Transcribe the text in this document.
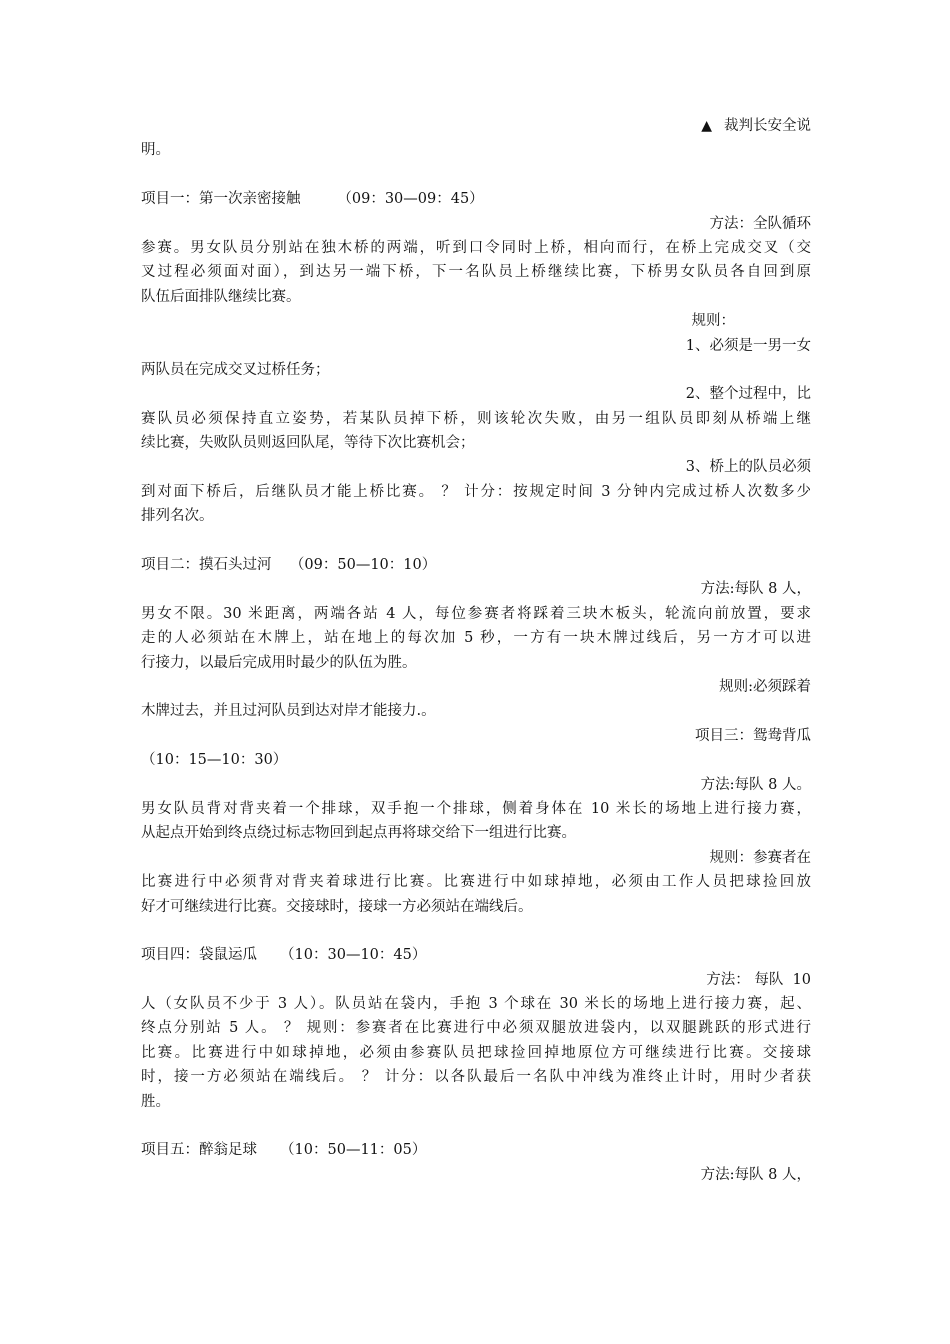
▲ 裁判长安全说
明。
项目一：第一次亲密接触        （09：30—09：45）
方法：全队循环
参赛。男女队员分别站在独木桥的两端，听到口令同时上桥，相向而行，在桥上完成交叉（交
叉过程必须面对面），到达另一端下桥，下一名队员上桥继续比赛，下桥男女队员各自回到原
队伍后面排队继续比赛。
规则：
1、必须是一男一女
两队员在完成交叉过桥任务；
2、整个过程中，比
赛队员必须保持直立姿势，若某队员掉下桥，则该轮次失败，由另一组队员即刻从桥端上继
续比赛，失败队员则返回队尾，等待下次比赛机会；
3、桥上的队员必须
到对面下桥后，后继队员才能上桥比赛。 ？ 计分：按规定时间 3 分钟内完成过桥人次数多少
排列名次。
项目二：摸石头过河    （09：50—10：10）
方法:每队 8 人，
男女不限。30 米距离，两端各站 4 人，每位参赛者将踩着三块木板头，轮流向前放置，要求
走的人必须站在木牌上，站在地上的每次加 5 秒，一方有一块木牌过线后，另一方才可以进
行接力，以最后完成用时最少的队伍为胜。
规则:必须踩着
木牌过去，并且过河队员到达对岸才能接力.。
项目三：鸳鸯背瓜
（10：15—10：30）
方法:每队 8 人。
男女队员背对背夹着一个排球，双手抱一个排球，侧着身体在 10 米长的场地上进行接力赛，
从起点开始到终点绕过标志物回到起点再将球交给下一组进行比赛。
规则：参赛者在
比赛进行中必须背对背夹着球进行比赛。比赛进行中如球掉地，必须由工作人员把球捡回放
好才可继续进行比赛。交接球时，接球一方必须站在端线后。
项目四：袋鼠运瓜     （10：30—10：45）
方法： 每队  10
人（女队员不少于 3 人）。队员站在袋内，手抱 3 个球在 30 米长的场地上进行接力赛，起、
终点分别站 5 人。 ？ 规则：参赛者在比赛进行中必须双腿放进袋内，以双腿跳跃的形式进行
比赛。比赛进行中如球掉地，必须由参赛队员把球捡回掉地原位方可继续进行比赛。交接球
时，接一方必须站在端线后。 ？ 计分：以各队最后一名队中冲线为准终止计时，用时少者获
胜。
项目五：醉翁足球     （10：50—11：05）
方法:每队 8 人，
